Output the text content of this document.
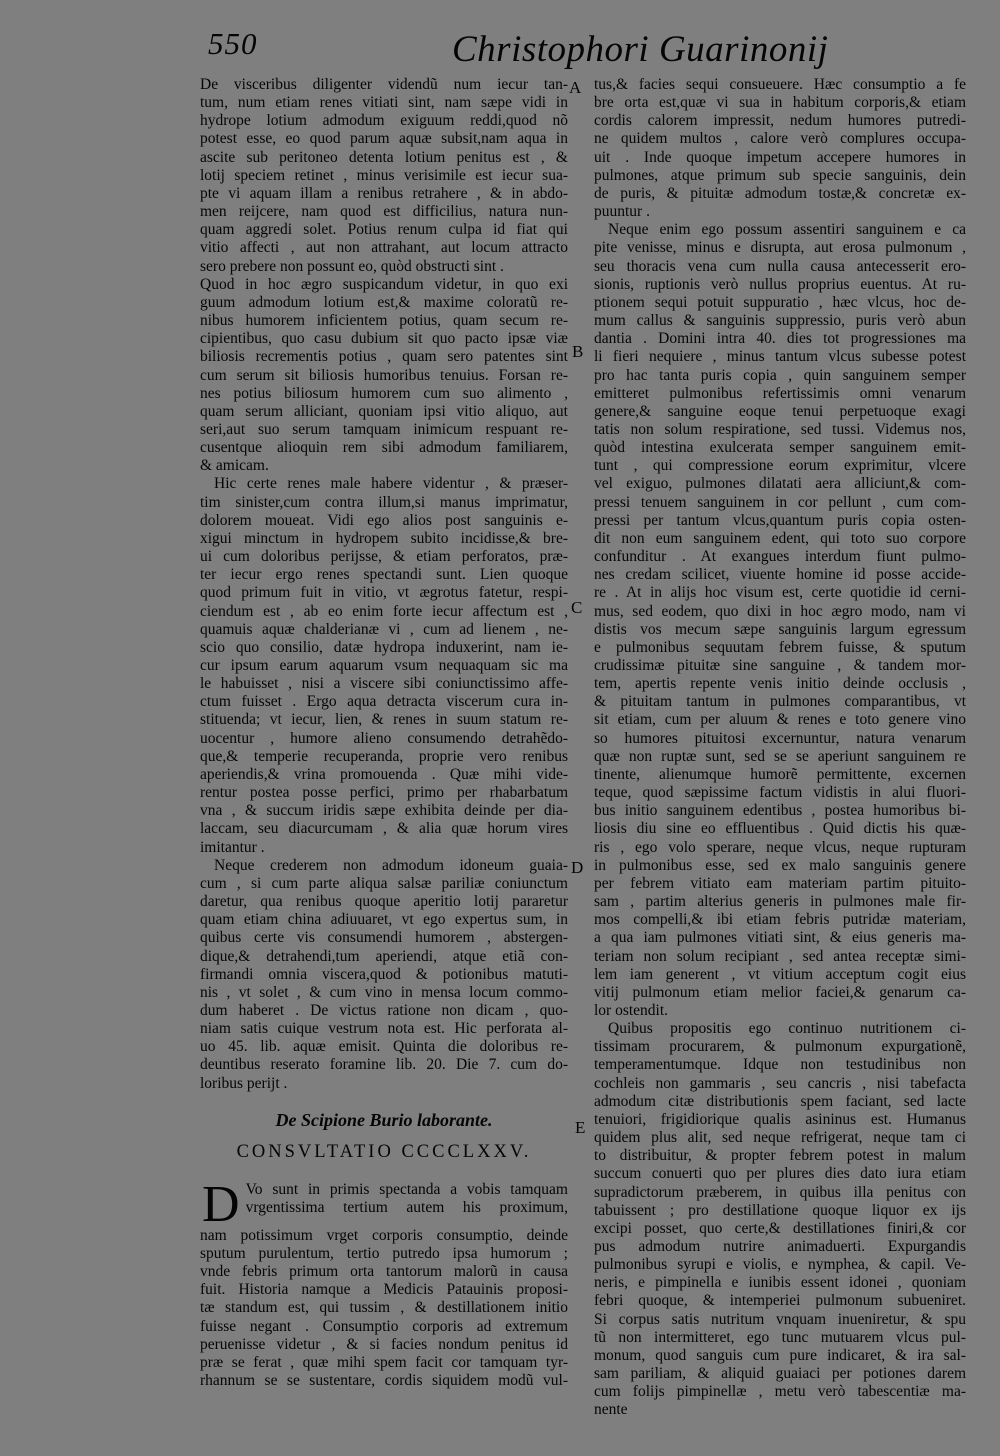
550	Christophori Guarinonij
A
B
C
D
E

De visceribus diligenter videndũ num iecur tan-
tum, num etiam renes vitiati sint, nam sæpe vidi in
hydrope lotium admodum exiguum reddi,quod nõ
potest esse, eo quod parum aquæ subsit,nam aqua in
ascite sub peritoneo detenta lotium penitus est , &
lotij speciem retinet , minus verisimile est iecur sua-
pte vi aquam illam a renibus retrahere , & in abdo-
men reijcere, nam quod est difficilius, natura nun-
quam aggredi solet. Potius renum culpa id fiat qui
vitio affecti , aut non attrahant, aut locum attracto
sero prebere non possunt eo, quòd obstructi sint .

Quod in hoc ægro suspicandum videtur, in quo exi
guum admodum lotium est,& maxime coloratũ re-
nibus humorem inficientem potius, quam secum re-
cipientibus, quo casu dubium sit quo pacto ipsæ viæ
biliosis recrementis potius , quam sero patentes sint
cum serum sit biliosis humoribus tenuius. Forsan re-
nes potius biliosum humorem cum suo alimento ,
quam serum alliciant, quoniam ipsi vitio aliquo, aut
seri,aut suo serum tamquam inimicum respuant re-
cusentque alioquin rem sibi admodum familiarem,
& amicam.

Hic certe renes male habere videntur , & præser-
tim sinister,cum contra illum,si manus imprimatur,
dolorem moueat. Vidi ego alios post sanguinis e-
xigui minctum in hydropem subito incidisse,& bre-
ui cum doloribus perijsse, & etiam perforatos, præ-
ter iecur ergo renes spectandi sunt. Lien quoque
quod primum fuit in vitio, vt ægrotus fatetur, respi-
ciendum est , ab eo enim forte iecur affectum est ,
quamuis aquæ chalderianæ vi , cum ad lienem , ne-
scio quo consilio, datæ hydropa induxerint, nam ie-
cur ipsum earum aquarum vsum nequaquam sic ma
le habuisset , nisi a viscere sibi coniunctissimo affe-
ctum fuisset . Ergo aqua detracta viscerum cura in-
stituenda; vt iecur, lien, & renes in suum statum re-
uocentur , humore alieno consumendo detrahẽdo-
que,& temperie recuperanda, proprie vero renibus
aperiendis,& vrina promouenda . Quæ mihi vide-
rentur postea posse perfici, primo per rhabarbatum
vna , & succum iridis sæpe exhibita deinde per dia-
laccam, seu diacurcumam , & alia quæ horum vires
imitantur .

Neque crederem non admodum idoneum guaia-
cum , si cum parte aliqua salsæ pariliæ coniunctum
daretur, qua renibus quoque aperitio lotij pararetur
quam etiam china adiuuaret, vt ego expertus sum, in
quibus certe vis consumendi humorem , abstergen-
dique,& detrahendi,tum aperiendi, atque etiã con-
firmandi omnia viscera,quod & potionibus matuti-
nis , vt solet , & cum vino in mensa locum commo-
dum haberet . De victus ratione non dicam , quo-
niam satis cuique vestrum nota est. Hic perforata al-
uo 45. lib. aquæ emisit. Quinta die doloribus re-
deuntibus reserato foramine lib. 20. Die 7. cum do-
loribus perijt .

De Scipione Burio laborante.
CONSVLTATIO CCCCLXXV.
D Vo sunt in primis spectanda a vobis tamquam
vrgentissima tertium autem his proximum,
nam potissimum vrget corporis consumptio, deinde
sputum purulentum, tertio putredo ipsa humorum ;
vnde febris primum orta tantorum malorũ in causa
fuit. Historia namque a Medicis Patauinis proposi-
tæ standum est, qui tussim , & destillationem initio
fuisse negant . Consumptio corporis ad extremum
peruenisse videtur , & si facies nondum penitus id
præ se ferat , quæ mihi spem facit cor tamquam tyr-
rhannum se se sustentare, cordis siquidem modũ vul-

tus,& facies sequi consueuere. Hæc consumptio a fe
bre orta est,quæ vi sua in habitum corporis,& etiam
cordis calorem impressit, nedum humores putredi-
ne quidem multos , calore verò complures occupa-
uit . Inde quoque impetum accepere humores in
pulmones, atque primum sub specie sanguinis, dein
de puris, & pituitæ admodum tostæ,& concretæ ex-
puuntur .

Neque enim ego possum assentiri sanguinem e ca
pite venisse, minus e disrupta, aut erosa pulmonum ,
seu thoracis vena cum nulla causa antecesserit ero-
sionis, ruptionis verò nullus proprius euentus. At ru-
ptionem sequi potuit suppuratio , hæc vlcus, hoc de-
mum callus & sanguinis suppressio, puris verò abun
dantia . Domini intra 40. dies tot progressiones ma
li fieri nequiere , minus tantum vlcus subesse potest
pro hac tanta puris copia , quin sanguinem semper
emitteret pulmonibus refertissimis omni venarum
genere,& sanguine eoque tenui perpetuoque exagi
tatis non solum respiratione, sed tussi. Videmus nos,
quòd intestina exulcerata semper sanguinem emit-
tunt , qui compressione eorum exprimitur, vlcere
vel exiguo, pulmones dilatati aera alliciunt,& com-
pressi tenuem sanguinem in cor pellunt , cum com-
pressi per tantum vlcus,quantum puris copia osten-
dit non eum sanguinem edent, qui toto suo corpore
confunditur . At exangues interdum fiunt pulmo-
nes credam scilicet, viuente homine id posse accide-
re . At in alijs hoc visum est, certe quotidie id cerni-
mus, sed eodem, quo dixi in hoc ægro modo, nam vi
distis vos mecum sæpe sanguinis largum egressum
e pulmonibus sequutam febrem fuisse, & sputum
crudissimæ pituitæ sine sanguine , & tandem mor-
tem, apertis repente venis initio deinde occlusis ,
& pituitam tantum in pulmones comparantibus, vt
sit etiam, cum per aluum & renes e toto genere vino
so humores pituitosi excernuntur, natura venarum
quæ non ruptæ sunt, sed se se aperiunt sanguinem re
tinente, alienumque humorẽ permittente, excernen
teque, quod sæpissime factum vidistis in alui fluori-
bus initio sanguinem edentibus , postea humoribus bi-
liosis diu sine eo effluentibus . Quid dictis his quæ-
ris , ego volo sperare, neque vlcus, neque rupturam
in pulmonibus esse, sed ex malo sanguinis genere
per febrem vitiato eam materiam partim pituito-
sam , partim alterius generis in pulmones male fir-
mos compelli,& ibi etiam febris putridæ materiam,
a qua iam pulmones vitiati sint, & eius generis ma-
teriam non solum recipiant , sed antea receptæ simi-
lem iam generent , vt vitium acceptum cogit eius
vitij pulmonum etiam melior faciei,& genarum ca-
lor ostendit.

Quibus propositis ego continuo nutritionem ci-
tissimam procurarem, & pulmonum expurgationẽ,
temperamentumque. Idque non testudinibus non
cochleis non gammaris , seu cancris , nisi tabefacta
admodum citæ distributionis spem faciant, sed lacte
tenuiori, frigidiorique qualis asininus est. Humanus
quidem plus alit, sed neque refrigerat, neque tam ci
to distribuitur, & propter febrem potest in malum
succum conuerti quo per plures dies dato iura etiam
supradictorum præberem, in quibus illa penitus con
tabuissent ; pro destillatione quoque liquor ex ijs
excipi posset, quo certe,& destillationes finiri,& cor
pus admodum nutrire animaduerti. Expurgandis
pulmonibus syrupi e violis, e nymphea, & capil. Ve-
neris, e pimpinella e iunibis essent idonei , quoniam
febri quoque, & intemperiei pulmonum subueniret.
Si corpus satis nutritum vnquam inueniretur, & spu
tũ non intermitteret, ego tunc mutuarem vlcus pul-
monum, quod sanguis cum pure indicaret, & ira sal-
sam pariliam, & aliquid guaiaci per potiones darem
cum folijs pimpinellæ , metu verò tabescentiæ ma-
nente
